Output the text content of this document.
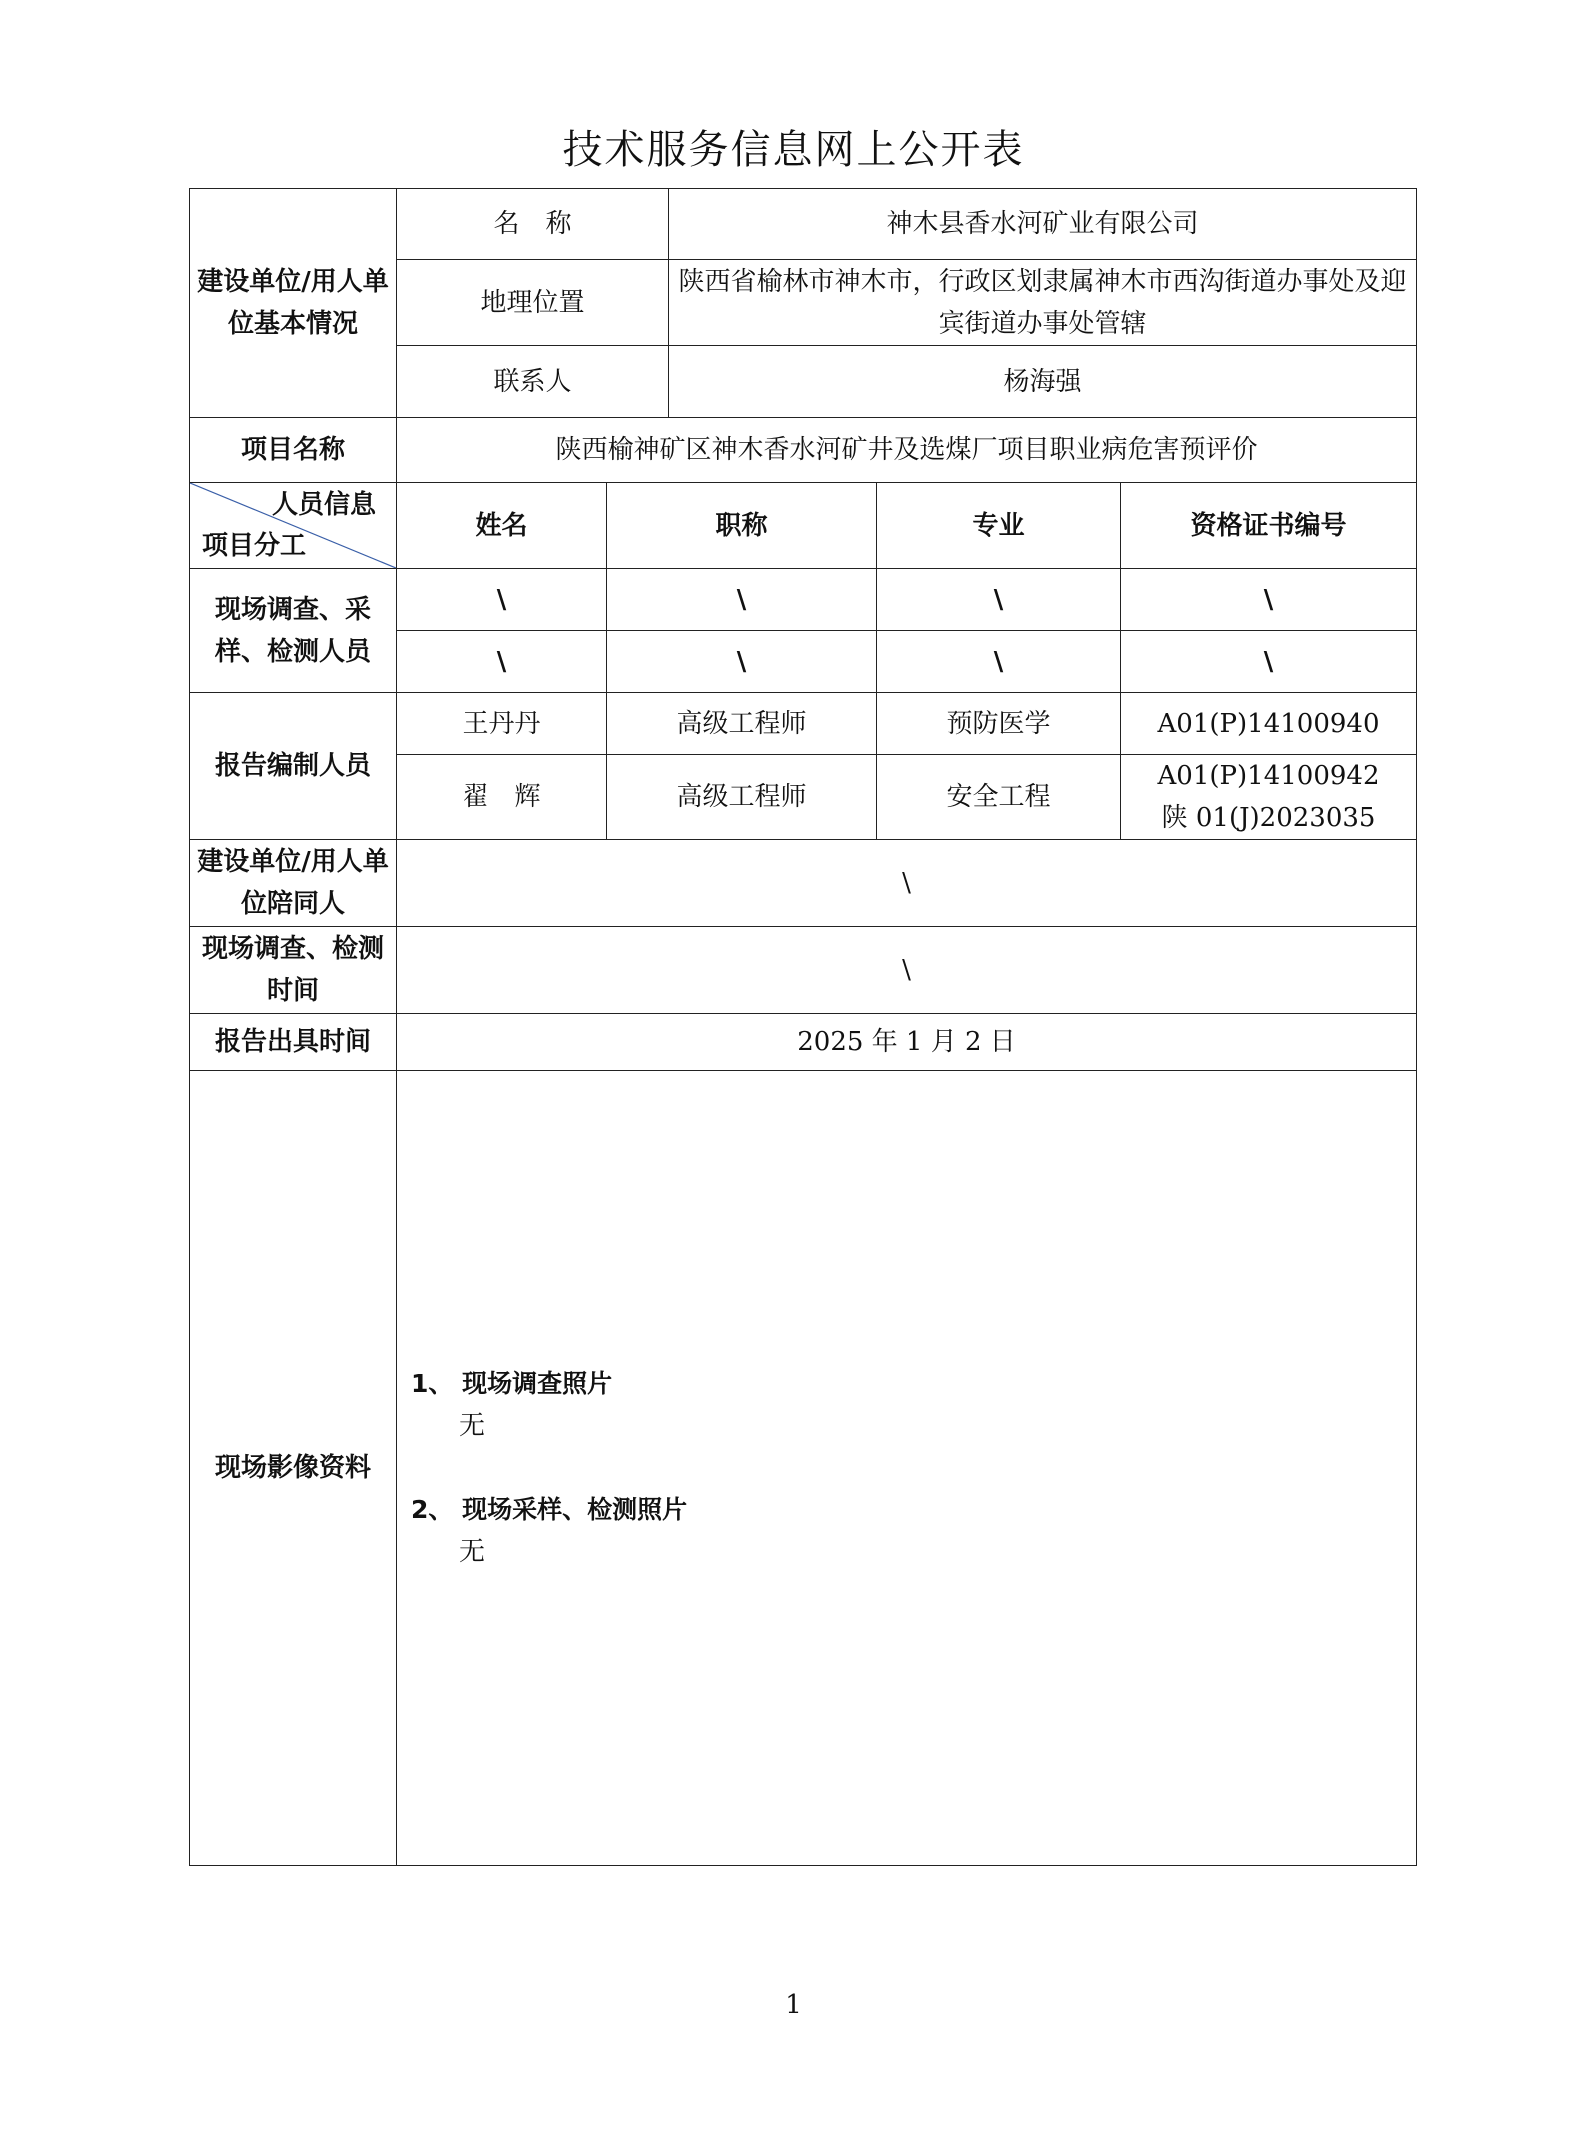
技术服务信息网上公开表
建设单位/用人单位基本情况	名　称		神木县香水河矿业有限公司		
	地理位置		陕西省榆林市神木市，行政区划隶属神木市西沟街道办事处及迎宾街道办事处管辖		
	联系人		杨海强		
项目名称	陕西榆神矿区神木香水河矿井及选煤厂项目职业病危害预评价				

人员信息
项目分工	姓名	职称		专业	资格证书编号
现场调查、采样、检测人员	\	\		\	\
	\	\		\	\
报告编制人员	王丹丹	高级工程师		预防医学	A01(P)14100940
	翟　辉	高级工程师		安全工程	A01(P)14100942
陕 01(J)2023035

建设单位/用人单位陪同人	\				
现场调查、检测时间	\				
报告出具时间	2025 年 1 月 2 日				
现场影像资料	1、 现场调查照片
无
2、 现场采样、检测照片
无				
1
